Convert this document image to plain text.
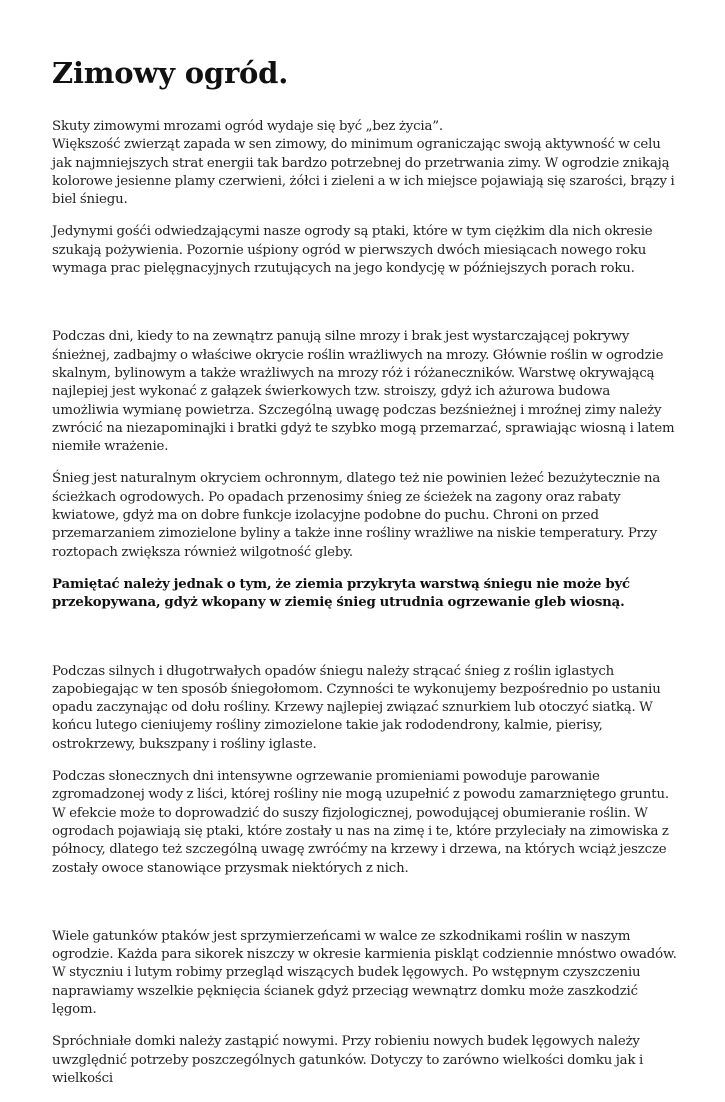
Zimowy ogród.

Skuty zimowymi mrozami ogród wydaje się być „bez życia”.
Większość zwierząt zapada w sen zimowy, do minimum ograniczając swoją aktywność w celu jak najmniejszych strat energii tak bardzo potrzebnej do przetrwania zimy. W ogrodzie znikają kolorowe jesienne plamy czerwieni, żółci i zieleni a w ich miejsce pojawiają się szarości, brązy i biel śniegu.

Jedynymi gośći odwiedzającymi nasze ogrody są ptaki, które w tym ciężkim dla nich okresie szukają pożywienia. Pozornie uśpiony ogród w pierwszych dwóch miesiącach nowego roku wymaga prac pielęgnacyjnych rzutujących na jego kondycję w późniejszych porach roku.

Podczas dni, kiedy to na zewnątrz panują silne mrozy i brak jest wystarczającej pokrywy śnieżnej, zadbajmy o właściwe okrycie roślin wrażliwych na mrozy. Głównie roślin w ogrodzie skalnym, bylinowym a także wrażliwych na mrozy róż i różaneczników. Warstwę okrywającą najlepiej jest wykonać z gałązek świerkowych tzw. stroiszy, gdyż ich ażurowa budowa umożliwia wymianę powietrza. Szczególną uwagę podczas bezśnieżnej i mroźnej zimy należy zwrócić na niezapominajki i bratki gdyż te szybko mogą przemarzać, sprawiając wiosną i latem niemiłe wrażenie.

Śnieg jest naturalnym okryciem ochronnym, dlatego też nie powinien leżeć bezużytecznie na ścieżkach ogrodowych. Po opadach przenosimy śnieg ze ścieżek na zagony oraz rabaty kwiatowe, gdyż ma on dobre funkcje izolacyjne podobne do puchu. Chroni on przed przemarzaniem zimozielone byliny a także inne rośliny wrażliwe na niskie temperatury. Przy roztopach zwiększa również wilgotność gleby.

Pamiętać należy jednak o tym, że ziemia przykryta warstwą śniegu nie może być przekopywana, gdyż wkopany w ziemię śnieg utrudnia ogrzewanie gleb wiosną.

Podczas silnych i długotrwałych opadów śniegu należy strącać śnieg z roślin iglastych zapobiegając w ten sposób śniegołomom. Czynności te wykonujemy bezpośrednio po ustaniu opadu zaczynając od dołu rośliny. Krzewy najlepiej związać sznurkiem lub otoczyć siatką. W końcu lutego cieniujemy rośliny zimozielone takie jak rododendrony, kalmie, pierisy, ostrokrzewy, bukszpany i rośliny iglaste.

Podczas słonecznych dni intensywne ogrzewanie promieniami powoduje parowanie zgromadzonej wody z liści, której rośliny nie mogą uzupełnić z powodu zamarzniętego gruntu. W efekcie może to doprowadzić do suszy fizjologicznej, powodującej obumieranie roślin. W ogrodach pojawiają się ptaki, które zostały u nas na zimę i te, które przyleciały na zimowiska z północy, dlatego też szczególną uwagę zwróćmy na krzewy i drzewa, na których wciąż jeszcze zostały owoce stanowiące przysmak niektórych z nich.

Wiele gatunków ptaków jest sprzymierzeńcami w walce ze szkodnikami roślin w naszym ogrodzie. Każda para sikorek niszczy w okresie karmienia piskląt codziennie mnóstwo owadów. W styczniu i lutym robimy przegląd wiszących budek lęgowych. Po wstępnym czyszczeniu naprawiamy wszelkie pęknięcia ścianek gdyż przeciąg wewnątrz domku może zaszkodzić lęgom.

Spróchniałe domki należy zastąpić nowymi. Przy robieniu nowych budek lęgowych należy uwzględnić potrzeby poszczególnych gatunków. Dotyczy to zarówno wielkości domku jak i wielkości
